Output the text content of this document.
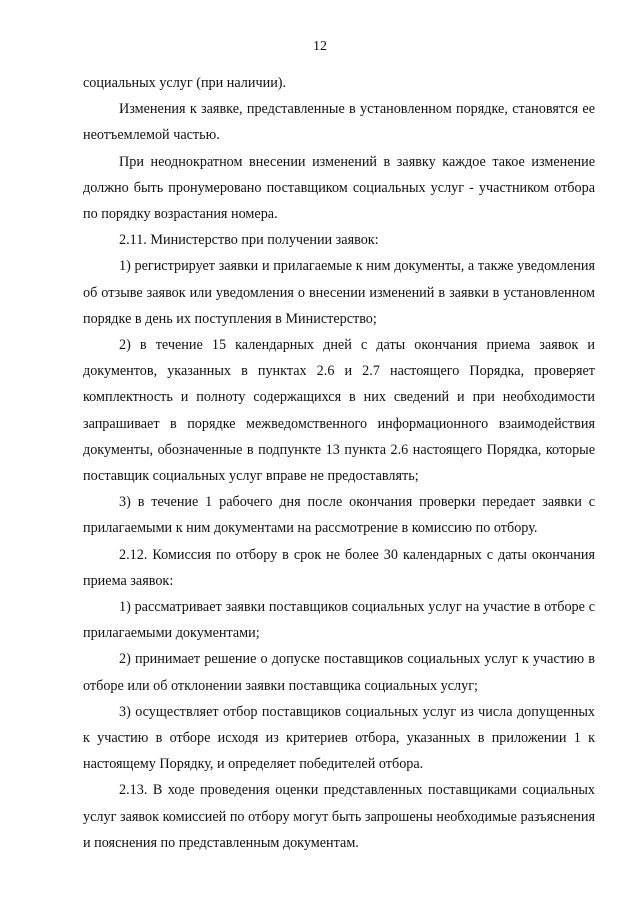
12

социальных услуг (при наличии).

Изменения к заявке, представленные в установленном порядке, становятся ее неотъемлемой частью.

При неоднократном внесении изменений в заявку каждое такое изменение должно быть пронумеровано поставщиком социальных услуг - участником отбора по порядку возрастания номера.

2.11. Министерство при получении заявок:

1) регистрирует заявки и прилагаемые к ним документы, а также уведомления об отзыве заявок или уведомления о внесении изменений в заявки в установленном порядке в день их поступления в Министерство;

2) в течение 15 календарных дней с даты окончания приема заявок и документов, указанных в пунктах 2.6 и 2.7 настоящего Порядка, проверяет комплектность и полноту содержащихся в них сведений и при необходимости запрашивает в порядке межведомственного информационного взаимодействия документы, обозначенные в подпункте 13 пункта 2.6 настоящего Порядка, которые поставщик социальных услуг вправе не предоставлять;

3) в течение 1 рабочего дня после окончания проверки передает заявки с прилагаемыми к ним документами на рассмотрение в комиссию по отбору.

2.12. Комиссия по отбору в срок не более 30 календарных с даты окончания приема заявок:

1) рассматривает заявки поставщиков социальных услуг на участие в отборе с прилагаемыми документами;

2) принимает решение о допуске поставщиков социальных услуг к участию в отборе или об отклонении заявки поставщика социальных услуг;

3) осуществляет отбор поставщиков социальных услуг из числа допущенных к участию в отборе исходя из критериев отбора, указанных в приложении 1 к настоящему Порядку, и определяет победителей отбора.

2.13. В ходе проведения оценки представленных поставщиками социальных услуг заявок комиссией по отбору могут быть запрошены необходимые разъяснения и пояснения по представленным документам.
